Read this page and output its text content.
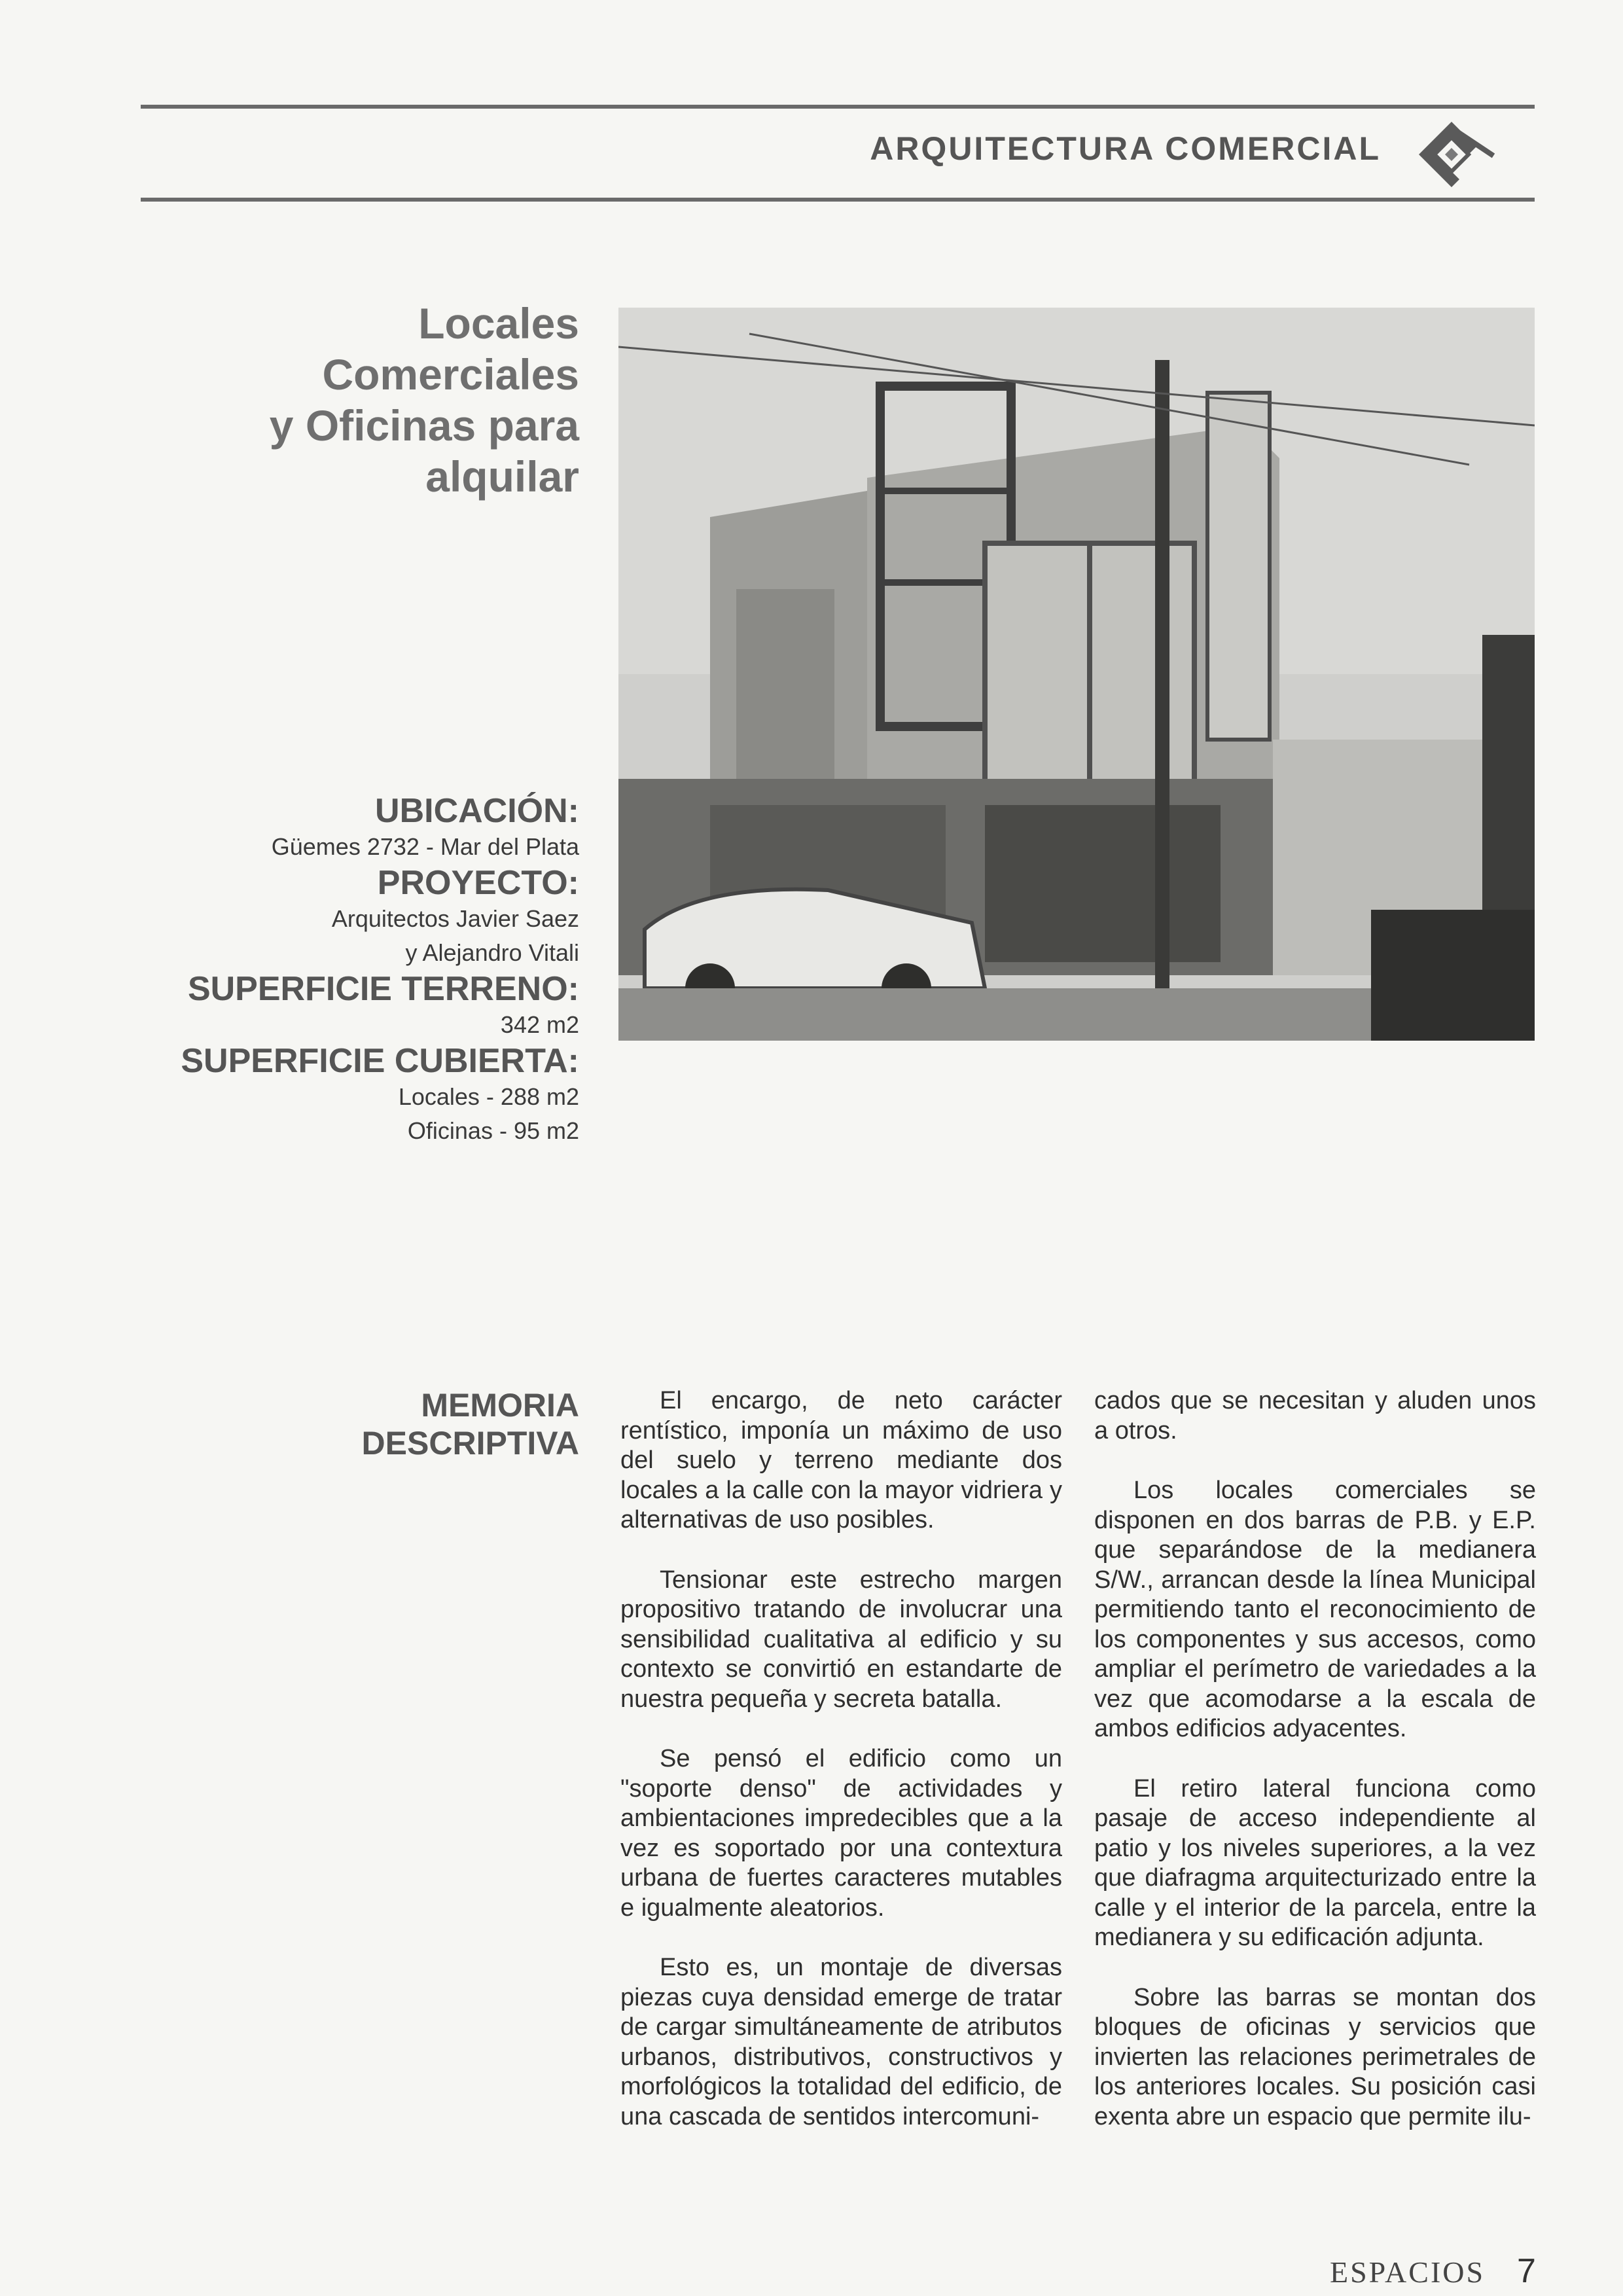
ARQUITECTURA COMERCIAL
Locales
Comerciales
y Oficinas para
alquilar
UBICACIÓN:
Güemes 2732 - Mar del Plata
PROYECTO:
Arquitectos Javier Saez
y Alejandro Vitali
SUPERFICIE TERRENO:
342 m2
SUPERFICIE CUBIERTA:
Locales - 288 m2
Oficinas - 95 m2
MEMORIA
DESCRIPTIVA

El encargo, de neto carácter rentístico, imponía un máximo de uso del suelo y terreno mediante dos locales a la calle con la mayor vidriera y alternativas de uso posibles.

Tensionar este estrecho margen propositivo tratando de involucrar una sensibilidad cualitativa al edificio y su contexto se convirtió en estandarte de nuestra pequeña y secreta batalla.

Se pensó el edificio como un "soporte denso" de actividades y ambientaciones impredecibles que a la vez es soportado por una contextura urbana de fuertes caracteres mutables e igualmente aleatorios.

Esto es, un montaje de diversas piezas cuya densidad emerge de tratar de cargar simultáneamente de atributos urbanos, distributivos, constructivos y morfológicos la totalidad del edificio, de una cascada de sentidos intercomuni-

cados que se necesitan y aluden unos a otros.

Los locales comerciales se disponen en dos barras de P.B. y E.P. que separándose de la medianera S/W., arrancan desde la línea Municipal permitiendo tanto el reconocimiento de los componentes y sus accesos, como ampliar el perímetro de variedades a la vez que acomodarse a la escala de ambos edificios adyacentes.

El retiro lateral funciona como pasaje de acceso independiente al patio y los niveles superiores, a la vez que diafragma arquitecturizado entre la calle y el interior de la parcela, entre la medianera y su edificación adjunta.

Sobre las barras se montan dos bloques de oficinas y servicios que invierten las relaciones perimetrales de los anteriores locales. Su posición casi exenta abre un espacio que permite ilu-

ESPACIOS 7
